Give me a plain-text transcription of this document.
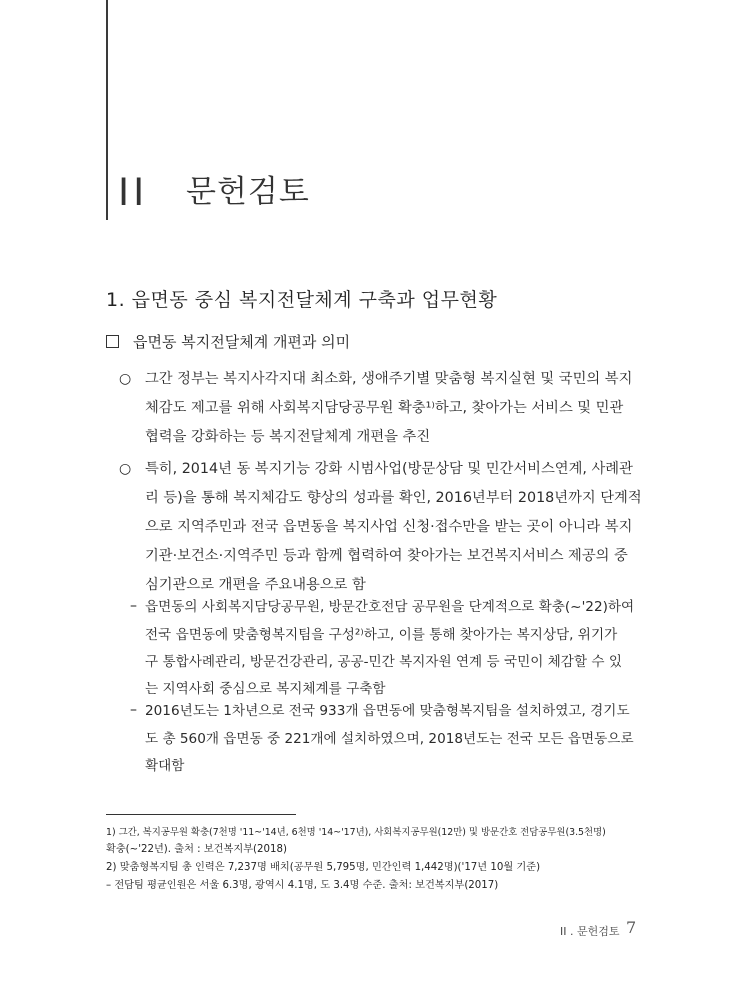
II 문헌검토
1. 읍면동 중심 복지전달체계 구축과 업무현황
읍면동 복지전달체계 개편과 의미
○ 그간 정부는 복지사각지대 최소화, 생애주기별 맞춤형 복지실현 및 국민의 복지
체감도 제고를 위해 사회복지담당공무원 확충¹⁾하고, 찾아가는 서비스 및 민관
협력을 강화하는 등 복지전달체계 개편을 추진
○ 특히, 2014년 동 복지기능 강화 시범사업(방문상담 및 민간서비스연계, 사례관
리 등)을 통해 복지체감도 향상의 성과를 확인, 2016년부터 2018년까지 단계적
으로 지역주민과 전국 읍면동을 복지사업 신청·접수만을 받는 곳이 아니라 복지
기관·보건소·지역주민 등과 함께 협력하여 찾아가는 보건복지서비스 제공의 중
심기관으로 개편을 주요내용으로 함
– 읍면동의 사회복지담당공무원, 방문간호전담 공무원을 단계적으로 확충(~'22)하여
전국 읍면동에 맞춤형복지팀을 구성²⁾하고, 이를 통해 찾아가는 복지상담, 위기가
구 통합사례관리, 방문건강관리, 공공-민간 복지자원 연계 등 국민이 체감할 수 있
는 지역사회 중심으로 복지체계를 구축함
– 2016년도는 1차년으로 전국 933개 읍면동에 맞춤형복지팀을 설치하였고, 경기도
도 총 560개 읍면동 중 221개에 설치하였으며, 2018년도는 전국 모든 읍면동으로
확대함
1) 그간, 복지공무원 확충(7천명 '11~'14년, 6천명 '14~'17년), 사회복지공무원(12만) 및 방문간호 전담공무원(3.5천명)
확충(~'22년). 출처 : 보건복지부(2018)
2) 맞춤형복지팀 총 인력은 7,237명 배치(공무원 5,795명, 민간인력 1,442명)('17년 10월 기준)
– 전담팀 평균인원은 서울 6.3명, 광역시 4.1명, 도 3.4명 수준. 출처: 보건복지부(2017)
II . 문헌검토 7
